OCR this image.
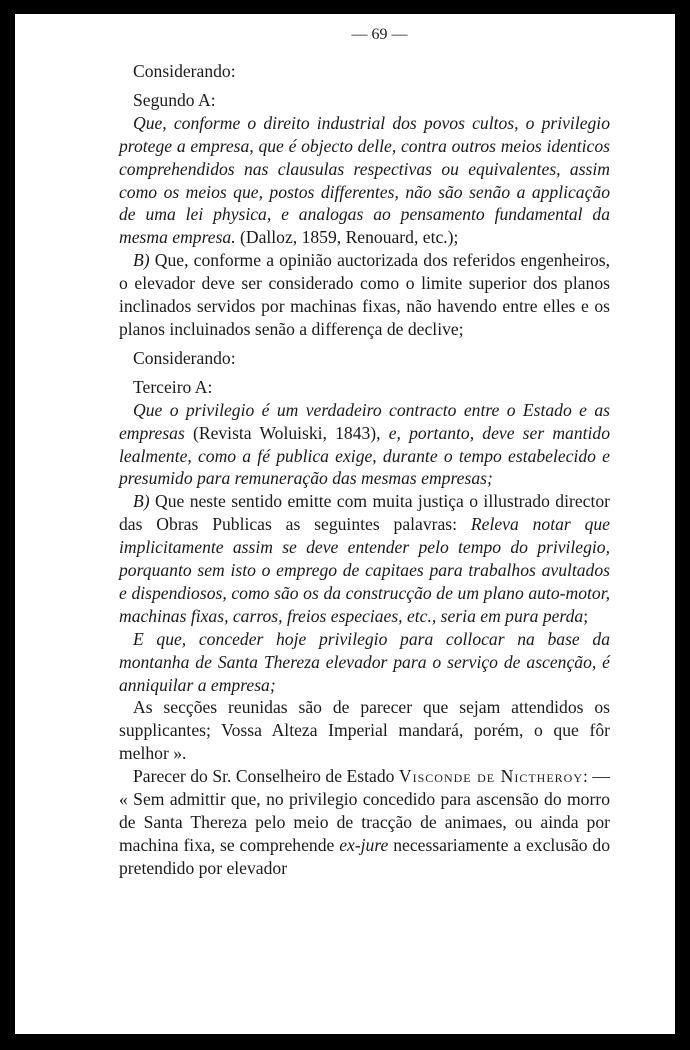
— 69 —

Considerando:

Segundo A:

Que, conforme o direito industrial dos povos cultos, o privilegio protege a empresa, que é objecto delle, contra outros meios identicos comprehendidos nas clausulas respectivas ou equivalentes, assim como os meios que, postos differentes, não são senão a applicação de uma lei physica, e analogas ao pensamento fundamental da mesma empresa. (Dalloz, 1859, Renouard, etc.);

B) Que, conforme a opinião auctorizada dos referidos engenheiros, o elevador deve ser considerado como o limite superior dos planos inclinados servidos por machinas fixas, não havendo entre elles e os planos incluinados senão a differença de declive;

Considerando:

Terceiro A:

Que o privilegio é um verdadeiro contracto entre o Estado e as empresas (Revista Woluiski, 1843), e, portanto, deve ser mantido lealmente, como a fé publica exige, durante o tempo estabelecido e presumido para remuneração das mesmas empresas;

B) Que neste sentido emitte com muita justiça o illustrado director das Obras Publicas as seguintes palavras: Releva notar que implicitamente assim se deve entender pelo tempo do privilegio, porquanto sem isto o emprego de capitaes para trabalhos avultados e dispendiosos, como são os da construcção de um plano auto-motor, machinas fixas, carros, freios especiaes, etc., seria em pura perda;

E que, conceder hoje privilegio para collocar na base da montanha de Santa Thereza elevador para o serviço de ascenção, é anniquilar a empresa;

As secções reunidas são de parecer que sejam attendidos os supplicantes; Vossa Alteza Imperial mandará, porém, o que fôr melhor ».

Parecer do Sr. Conselheiro de Estado Visconde de Nictheroy: — « Sem admittir que, no privilegio concedido para ascensão do morro de Santa Thereza pelo meio de tracção de animaes, ou ainda por machina fixa, se comprehende ex-jure necessariamente a exclusão do pretendido por elevador
